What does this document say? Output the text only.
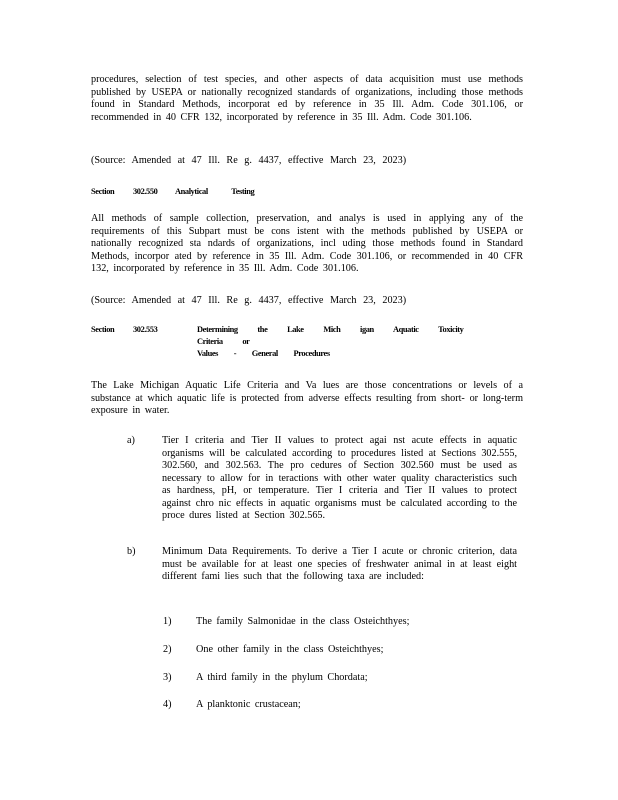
procedures, selection of test species, and other aspects of data acquisition must use methods published by USEPA or nationally recognized standards of organizations, including those methods found in Standard Methods, incorporat ed by reference in 35 Ill. Adm. Code 301.106, or recommended in 40 CFR 132, incorporated by reference in 35 Ill. Adm. Code 301.106.
(Source: Amended at 47 Ill. Re g. 4437, effective March 23, 2023)
Section 302.550 Analytical Testing
All methods of sample collection, preservation, and analys is used in applying any of the requirements of this Subpart must be cons istent with the methods published by USEPA or nationally recognized sta ndards of organizations, incl uding those methods found in Standard Methods, incorpor ated by reference in 35 Ill. Adm. Code 301.106, or recommended in 40 CFR 132, incorporated by reference in 35 Ill. Adm. Code 301.106.
(Source: Amended at 47 Ill. Re g. 4437, effective March 23, 2023)
Section 302.553	Determining the Lake Mich igan Aquatic Toxicity Criteria or
Values - General Procedures
The Lake Michigan Aquatic Life Criteria and Va lues are those concentrations or levels of a substance at which aquatic life is protected from adverse effects resulting from short- or long-term exposure in water.
a)	Tier I criteria and Tier II values to protect agai nst acute effects in aquatic organisms will be calculated according to procedures listed at Sections 302.555, 302.560, and 302.563. The pro cedures of Section 302.560 must be used as necessary to allow for in teractions with other water quality characteristics such as hardness, pH, or temperature. Tier I criteria and Tier II values to protect against chro nic effects in aquatic organisms must be calculated according to the proce dures listed at Section 302.565.
b)	Minimum Data Requirements. To derive a Tier I acute or chronic criterion, data must be available for at least one species of freshwater animal in at least eight different fami lies such that the following taxa are included:
1) The family Salmonidae in the class Osteichthyes;
2) One other family in the class Osteichthyes;
3) A third family in the phylum Chordata;
4) A planktonic crustacean;
